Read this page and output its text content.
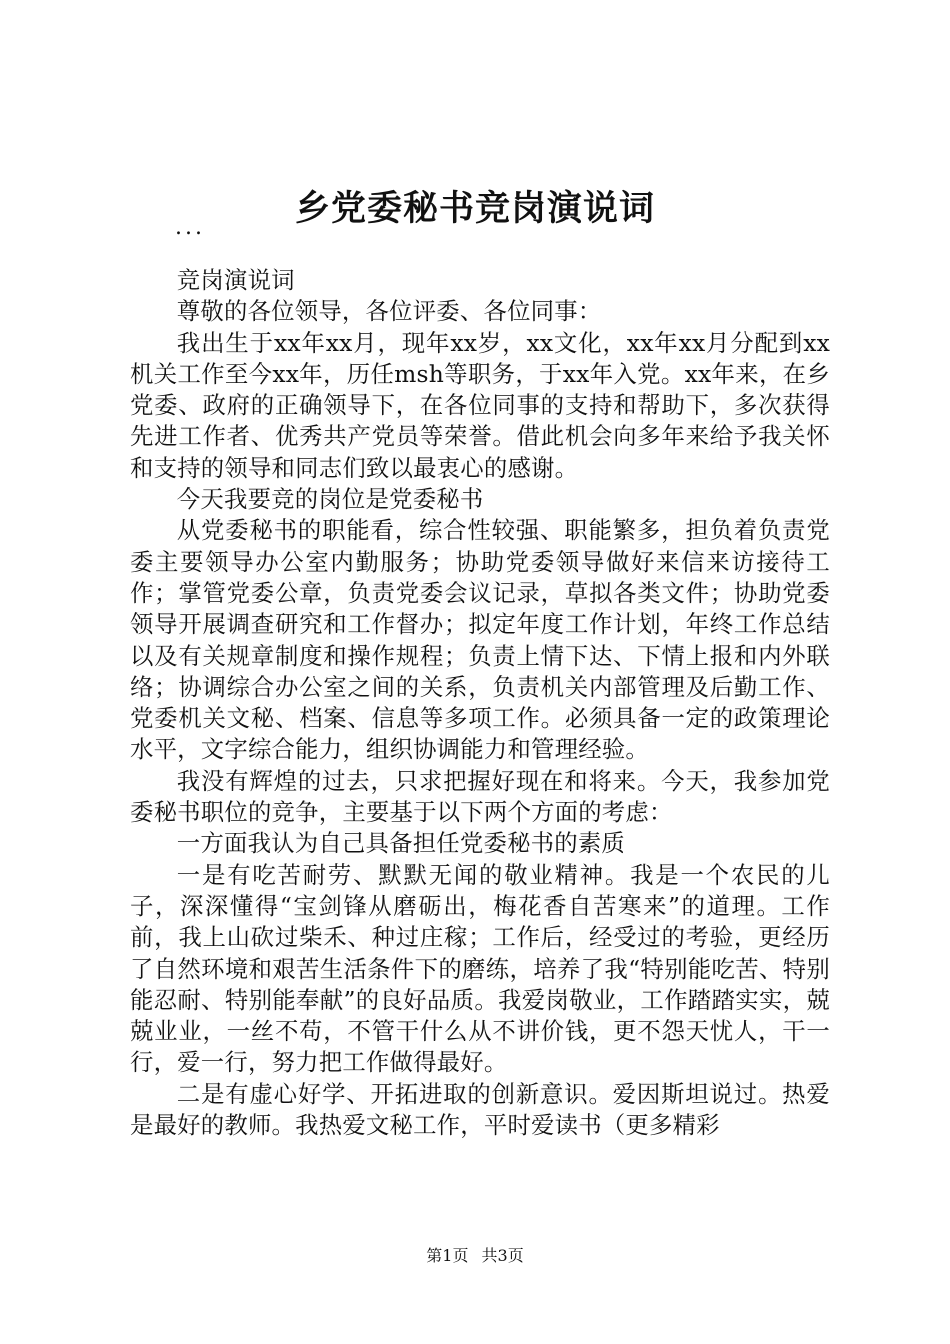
乡党委秘书竞岗演说词
...

竞岗演说词

尊敬的各位领导，各位评委、各位同事：

我出生于xx年xx月，现年xx岁，xx文化，xx年xx月分配到xx机关工作至今xx年，历任msh等职务，于xx年入党。xx年来，在乡党委、政府的正确领导下，在各位同事的支持和帮助下，多次获得先进工作者、优秀共产党员等荣誉。借此机会向多年来给予我关怀和支持的领导和同志们致以最衷心的感谢。

今天我要竞的岗位是党委秘书

从党委秘书的职能看，综合性较强、职能繁多，担负着负责党委主要领导办公室内勤服务；协助党委领导做好来信来访接待工作；掌管党委公章，负责党委会议记录，草拟各类文件；协助党委领导开展调查研究和工作督办；拟定年度工作计划，年终工作总结以及有关规章制度和操作规程；负责上情下达、下情上报和内外联络；协调综合办公室之间的关系，负责机关内部管理及后勤工作、党委机关文秘、档案、信息等多项工作。必须具备一定的政策理论水平，文字综合能力，组织协调能力和管理经验。

我没有辉煌的过去，只求把握好现在和将来。今天，我参加党委秘书职位的竞争，主要基于以下两个方面的考虑：

一方面我认为自己具备担任党委秘书的素质

一是有吃苦耐劳、默默无闻的敬业精神。我是一个农民的儿子，深深懂得“宝剑锋从磨砺出，梅花香自苦寒来”的道理。工作前，我上山砍过柴禾、种过庄稼；工作后，经受过的考验，更经历了自然环境和艰苦生活条件下的磨练，培养了我“特别能吃苦、特别能忍耐、特别能奉献”的良好品质。我爱岗敬业，工作踏踏实实，兢兢业业，一丝不苟，不管干什么从不讲价钱，更不怨天忧人，干一行，爱一行，努力把工作做得最好。

二是有虚心好学、开拓进取的创新意识。爱因斯坦说过。热爱是最好的教师。我热爱文秘工作，平时爱读书（更多精彩

第1页 共3页
